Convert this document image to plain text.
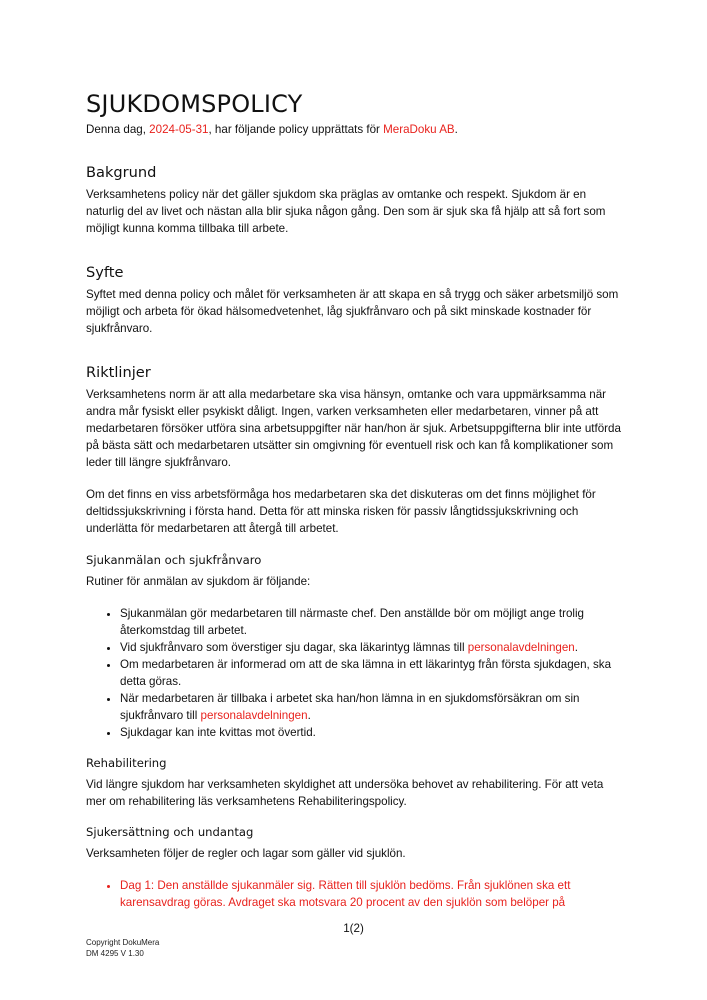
SJUKDOMSPOLICY

Denna dag, 2024-05-31, har följande policy upprättats för MeraDoku AB.

Bakgrund

Verksamhetens policy när det gäller sjukdom ska präglas av omtanke och respekt. Sjukdom är en naturlig del av livet och nästan alla blir sjuka någon gång. Den som är sjuk ska få hjälp att så fort som möjligt kunna komma tillbaka till arbete.

Syfte

Syftet med denna policy och målet för verksamheten är att skapa en så trygg och säker arbetsmiljö som möjligt och arbeta för ökad hälsomedvetenhet, låg sjukfrånvaro och på sikt minskade kostnader för sjukfrånvaro.

Riktlinjer

Verksamhetens norm är att alla medarbetare ska visa hänsyn, omtanke och vara uppmärksamma när andra mår fysiskt eller psykiskt dåligt. Ingen, varken verksamheten eller medarbetaren, vinner på att medarbetaren försöker utföra sina arbetsuppgifter när han/hon är sjuk. Arbetsuppgifterna blir inte utförda på bästa sätt och medarbetaren utsätter sin omgivning för eventuell risk och kan få komplikationer som leder till längre sjukfrånvaro.

Om det finns en viss arbetsförmåga hos medarbetaren ska det diskuteras om det finns möjlighet för deltidssjukskrivning i första hand. Detta för att minska risken för passiv långtidssjukskrivning och underlätta för medarbetaren att återgå till arbetet.

Sjukanmälan och sjukfrånvaro

Rutiner för anmälan av sjukdom är följande:

• Sjukanmälan gör medarbetaren till närmaste chef. Den anställde bör om möjligt ange trolig återkomstdag till arbetet.
• Vid sjukfrånvaro som överstiger sju dagar, ska läkarintyg lämnas till personalavdelningen.
• Om medarbetaren är informerad om att de ska lämna in ett läkarintyg från första sjukdagen, ska detta göras.
• När medarbetaren är tillbaka i arbetet ska han/hon lämna in en sjukdomsförsäkran om sin sjukfrånvaro till personalavdelningen.
• Sjukdagar kan inte kvittas mot övertid.
Rehabilitering

Vid längre sjukdom har verksamheten skyldighet att undersöka behovet av rehabilitering. För att veta mer om rehabilitering läs verksamhetens Rehabiliteringspolicy.

Sjukersättning och undantag

Verksamheten följer de regler och lagar som gäller vid sjuklön.

• Dag 1: Den anställde sjukanmäler sig. Rätten till sjuklön bedöms. Från sjuklönen ska ett karensavdrag göras. Avdraget ska motsvara 20 procent av den sjuklön som belöper på
1(2)
Copyright DokuMera
DM 4295 V 1.30
